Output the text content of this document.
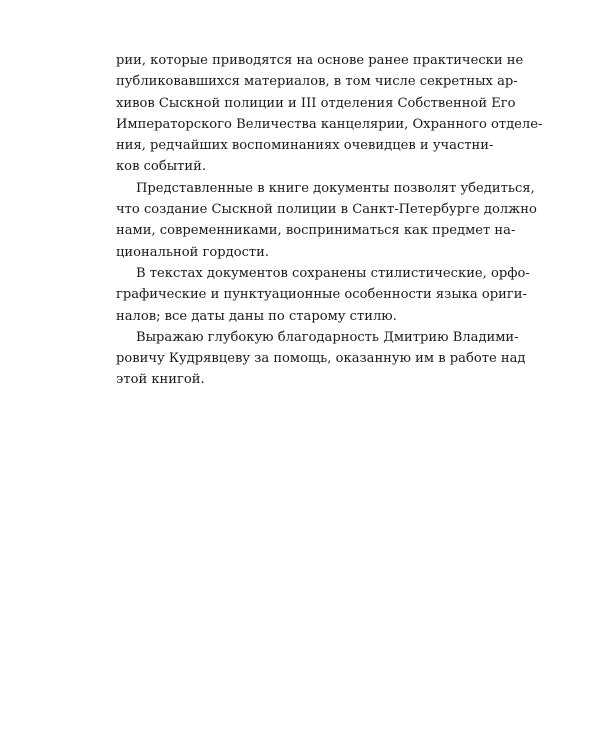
рии, которые приводятся на основе ранее практически не
публиковавшихся материалов, в том числе секретных ар-
хивов Сыскной полиции и III отделения Собственной Его
Императорского Величества канцелярии, Охранного отделе-
ния, редчайших воспоминаниях очевидцев и участни-
ков событий.
Представленные в книге документы позволят убедиться,
что создание Сыскной полиции в Санкт-Петербурге должно
нами, современниками, восприниматься как предмет на-
циональной гордости.
В текстах документов сохранены стилистические, орфо-
графические и пунктуационные особенности языка ориги-
налов; все даты даны по старому стилю.
Выражаю глубокую благодарность Дмитрию Владими-
ровичу Кудрявцеву за помощь, оказанную им в работе над
этой книгой.
